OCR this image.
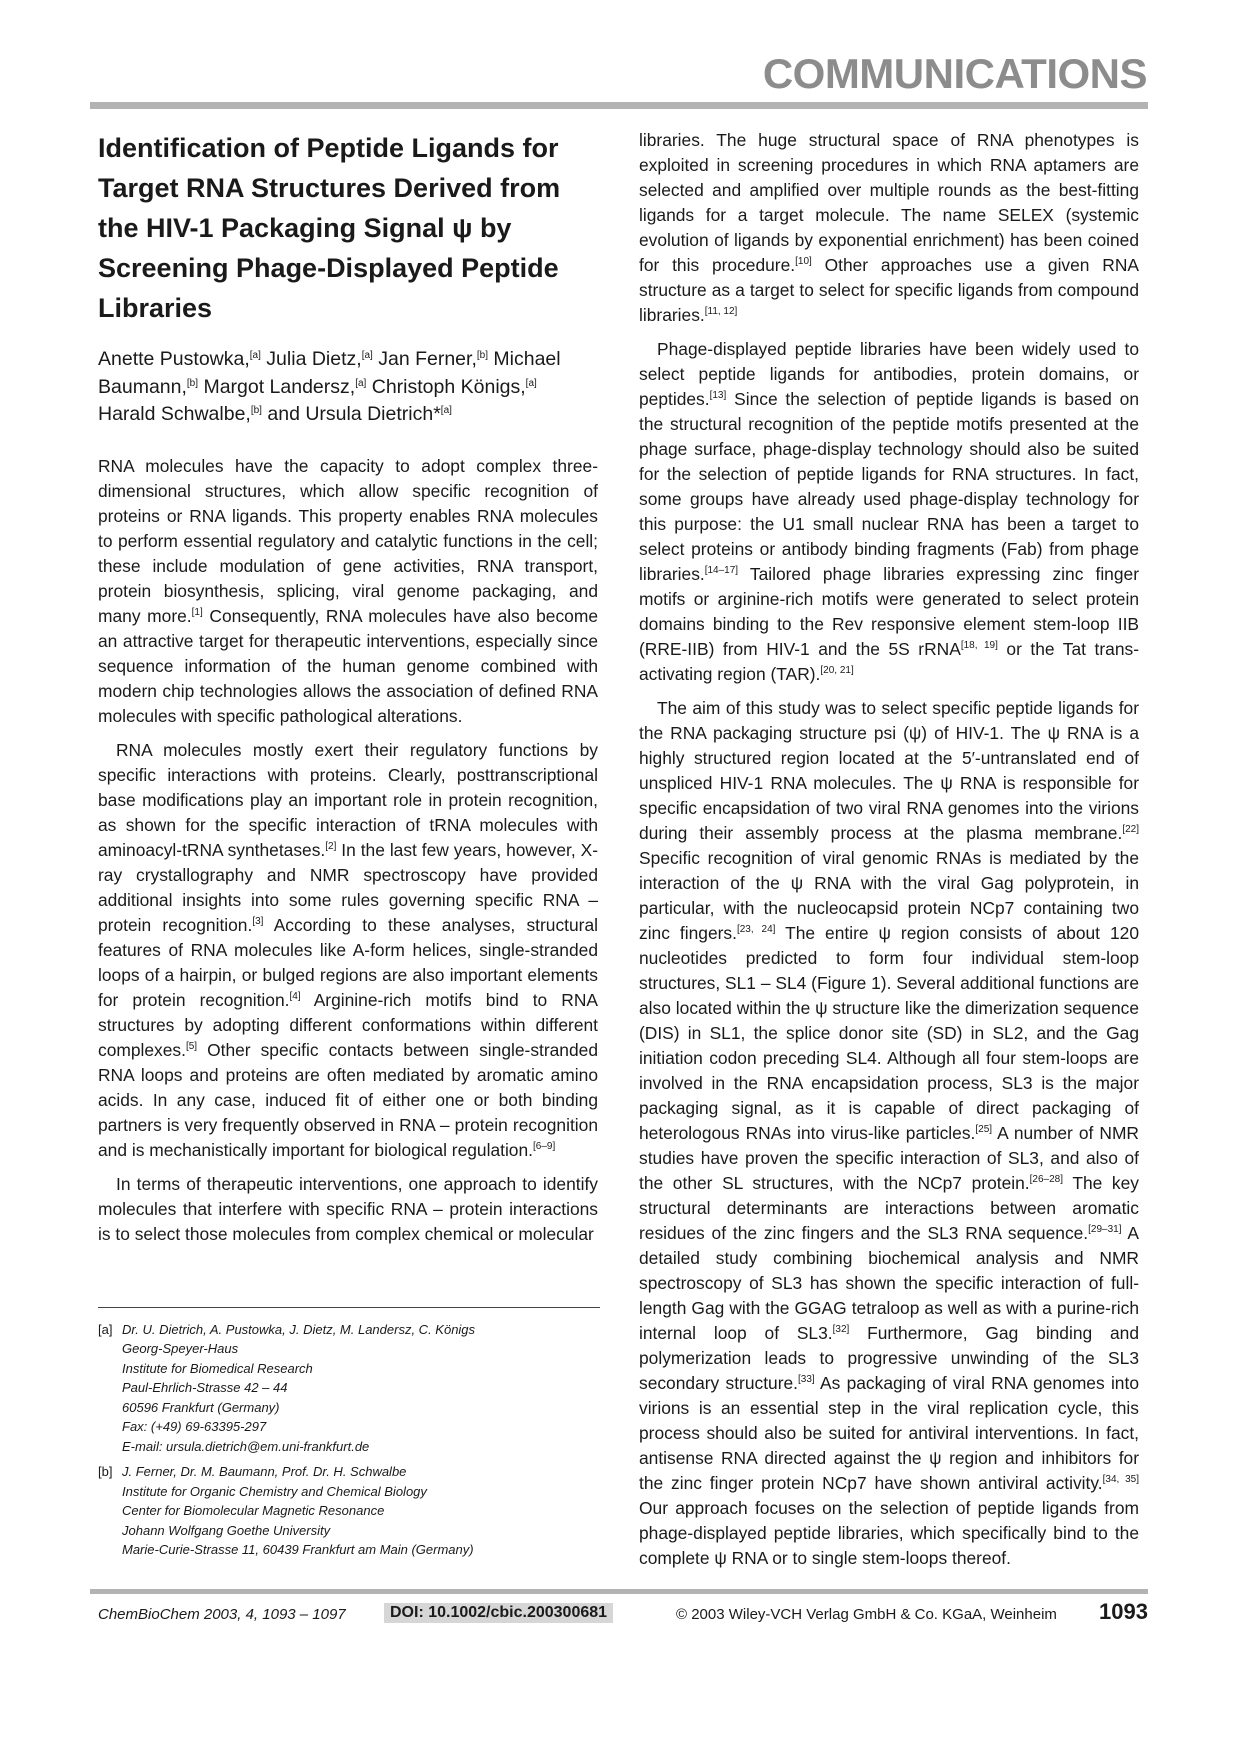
COMMUNICATIONS
Identification of Peptide Ligands for Target RNA Structures Derived from the HIV-1 Packaging Signal ψ by Screening Phage-Displayed Peptide Libraries
Anette Pustowka,[a] Julia Dietz,[a] Jan Ferner,[b] Michael Baumann,[b] Margot Landersz,[a] Christoph Königs,[a] Harald Schwalbe,[b] and Ursula Dietrich*[a]

RNA molecules have the capacity to adopt complex three-dimensional structures, which allow specific recognition of proteins or RNA ligands. This property enables RNA molecules to perform essential regulatory and catalytic functions in the cell; these include modulation of gene activities, RNA transport, protein biosynthesis, splicing, viral genome packaging, and many more.[1] Consequently, RNA molecules have also become an attractive target for therapeutic interventions, especially since sequence information of the human genome combined with modern chip technologies allows the association of defined RNA molecules with specific pathological alterations.

RNA molecules mostly exert their regulatory functions by specific interactions with proteins. Clearly, posttranscriptional base modifications play an important role in protein recognition, as shown for the specific interaction of tRNA molecules with aminoacyl-tRNA synthetases.[2] In the last few years, however, X-ray crystallography and NMR spectroscopy have provided additional insights into some rules governing specific RNA – protein recognition.[3] According to these analyses, structural features of RNA molecules like A-form helices, single-stranded loops of a hairpin, or bulged regions are also important elements for protein recognition.[4] Arginine-rich motifs bind to RNA structures by adopting different conformations within different complexes.[5] Other specific contacts between single-stranded RNA loops and proteins are often mediated by aromatic amino acids. In any case, induced fit of either one or both binding partners is very frequently observed in RNA – protein recognition and is mechanistically important for biological regulation.[6–9]

In terms of therapeutic interventions, one approach to identify molecules that interfere with specific RNA – protein interactions is to select those molecules from complex chemical or molecular

[a] Dr. U. Dietrich, A. Pustowka, J. Dietz, M. Landersz, C. Königs
Georg-Speyer-Haus
Institute for Biomedical Research
Paul-Ehrlich-Strasse 42 – 44
60596 Frankfurt (Germany)
Fax: (+49) 69-63395-297
E-mail: ursula.dietrich@em.uni-frankfurt.de
[b] J. Ferner, Dr. M. Baumann, Prof. Dr. H. Schwalbe
Institute for Organic Chemistry and Chemical Biology
Center for Biomolecular Magnetic Resonance
Johann Wolfgang Goethe University
Marie-Curie-Strasse 11, 60439 Frankfurt am Main (Germany)

libraries. The huge structural space of RNA phenotypes is exploited in screening procedures in which RNA aptamers are selected and amplified over multiple rounds as the best-fitting ligands for a target molecule. The name SELEX (systemic evolution of ligands by exponential enrichment) has been coined for this procedure.[10] Other approaches use a given RNA structure as a target to select for specific ligands from compound libraries.[11, 12]

Phage-displayed peptide libraries have been widely used to select peptide ligands for antibodies, protein domains, or peptides.[13] Since the selection of peptide ligands is based on the structural recognition of the peptide motifs presented at the phage surface, phage-display technology should also be suited for the selection of peptide ligands for RNA structures. In fact, some groups have already used phage-display technology for this purpose: the U1 small nuclear RNA has been a target to select proteins or antibody binding fragments (Fab) from phage libraries.[14–17] Tailored phage libraries expressing zinc finger motifs or arginine-rich motifs were generated to select protein domains binding to the Rev responsive element stem-loop IIB (RRE-IIB) from HIV-1 and the 5S rRNA[18, 19] or the Tat trans-activating region (TAR).[20, 21]

The aim of this study was to select specific peptide ligands for the RNA packaging structure psi (ψ) of HIV-1. The ψ RNA is a highly structured region located at the 5′-untranslated end of unspliced HIV-1 RNA molecules. The ψ RNA is responsible for specific encapsidation of two viral RNA genomes into the virions during their assembly process at the plasma membrane.[22] Specific recognition of viral genomic RNAs is mediated by the interaction of the ψ RNA with the viral Gag polyprotein, in particular, with the nucleocapsid protein NCp7 containing two zinc fingers.[23, 24] The entire ψ region consists of about 120 nucleotides predicted to form four individual stem-loop structures, SL1 – SL4 (Figure 1). Several additional functions are also located within the ψ structure like the dimerization sequence (DIS) in SL1, the splice donor site (SD) in SL2, and the Gag initiation codon preceding SL4. Although all four stem-loops are involved in the RNA encapsidation process, SL3 is the major packaging signal, as it is capable of direct packaging of heterologous RNAs into virus-like particles.[25] A number of NMR studies have proven the specific interaction of SL3, and also of the other SL structures, with the NCp7 protein.[26–28] The key structural determinants are interactions between aromatic residues of the zinc fingers and the SL3 RNA sequence.[29–31] A detailed study combining biochemical analysis and NMR spectroscopy of SL3 has shown the specific interaction of full-length Gag with the GGAG tetraloop as well as with a purine-rich internal loop of SL3.[32] Furthermore, Gag binding and polymerization leads to progressive unwinding of the SL3 secondary structure.[33] As packaging of viral RNA genomes into virions is an essential step in the viral replication cycle, this process should also be suited for antiviral interventions. In fact, antisense RNA directed against the ψ region and inhibitors for the zinc finger protein NCp7 have shown antiviral activity.[34, 35] Our approach focuses on the selection of peptide ligands from phage-displayed peptide libraries, which specifically bind to the complete ψ RNA or to single stem-loops thereof.

ChemBioChem 2003, 4, 1093 – 1097	DOI: 10.1002/cbic.200300681	© 2003 Wiley-VCH Verlag GmbH & Co. KGaA, Weinheim 1093
